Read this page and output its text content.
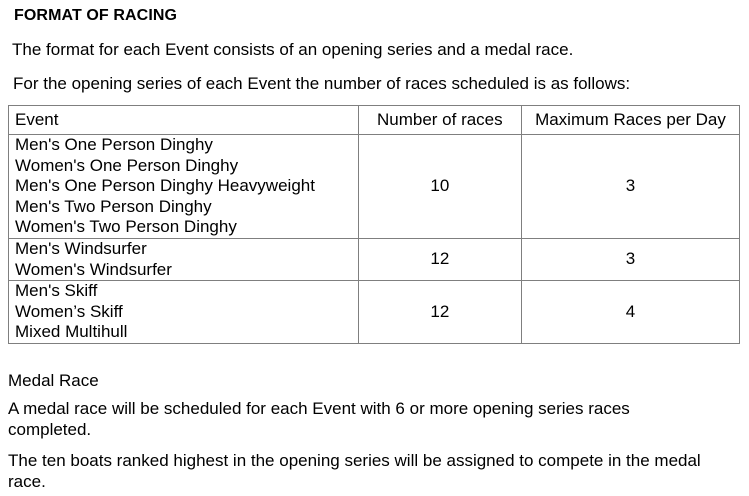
FORMAT OF RACING

The format for each Event consists of an opening series and a medal race.

For the opening series of each Event the number of races scheduled is as follows:

Event	Number of races	Maximum Races per Day

Men's One Person Dinghy
Women's One Person Dinghy
Men's One Person Dinghy Heavyweight
Men's Two Person Dinghy
Women's Two Person Dinghy	10	3

Men's Windsurfer
Women's Windsurfer	12	3

Men's Skiff
Women’s Skiff
Mixed Multihull	12	4
Medal Race

A medal race will be scheduled for each Event with 6 or more opening series races completed.

The ten boats ranked highest in the opening series will be assigned to compete in the medal race.
